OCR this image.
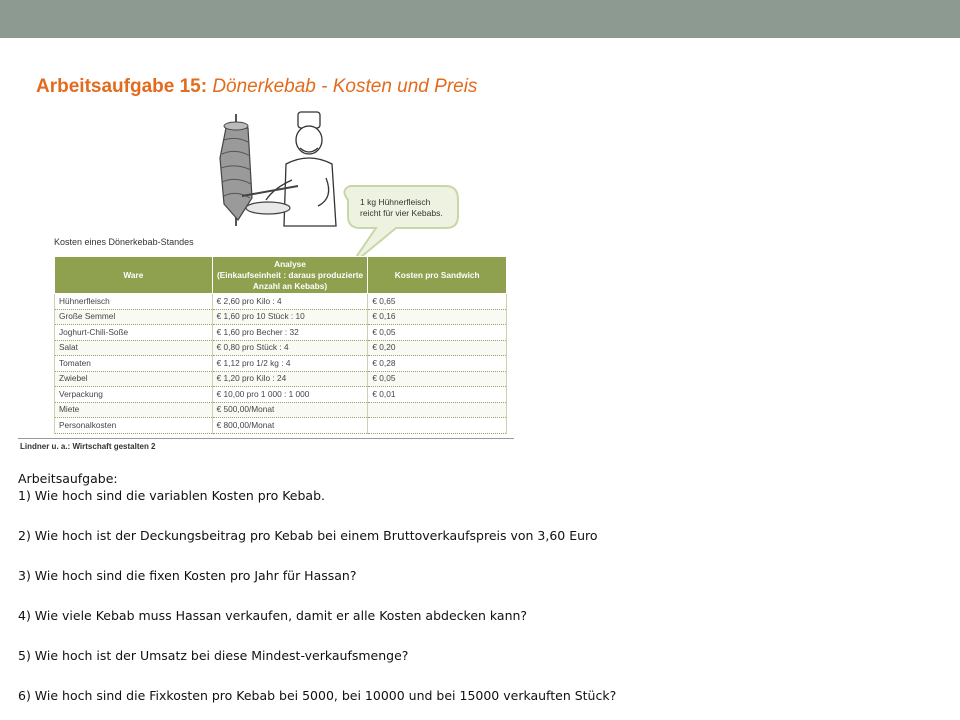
Arbeitsaufgabe 15: Dönerkebab - Kosten und Preis
1 kg Hühnerfleisch
reicht für vier Kebabs.
Kosten eines Dönerkebab-Standes
Ware	Analyse
(Einkaufseinheit : daraus produzierte
Anzahl an Kebabs)	Kosten pro Sandwich
Hühnerfleisch	€ 2,60 pro Kilo : 4	€ 0,65
Große Semmel	€ 1,60 pro 10 Stück : 10	€ 0,16
Joghurt-Chili-Soße	€ 1,60 pro Becher : 32	€ 0,05
Salat	€ 0,80 pro Stück : 4	€ 0,20
Tomaten	€ 1,12 pro 1/2 kg : 4	€ 0,28
Zwiebel	€ 1,20 pro Kilo : 24	€ 0,05
Verpackung	€ 10,00 pro 1 000 : 1 000	€ 0,01
Miete	€ 500,00/Monat	
Personalkosten	€ 800,00/Monat	
Lindner u. a.: Wirtschaft gestalten 2
Arbeitsaufgabe:
1) Wie hoch sind die variablen Kosten pro Kebab.
2) Wie hoch ist der Deckungsbeitrag pro Kebab bei einem Bruttoverkaufspreis von 3,60 Euro
3) Wie hoch sind die fixen Kosten pro Jahr für Hassan?
4) Wie viele Kebab muss Hassan verkaufen, damit er alle Kosten abdecken kann?
5) Wie hoch ist der Umsatz bei diese Mindest-verkaufsmenge?
6) Wie hoch sind die Fixkosten pro Kebab bei 5000, bei 10000 und bei 15000 verkauften Stück?
